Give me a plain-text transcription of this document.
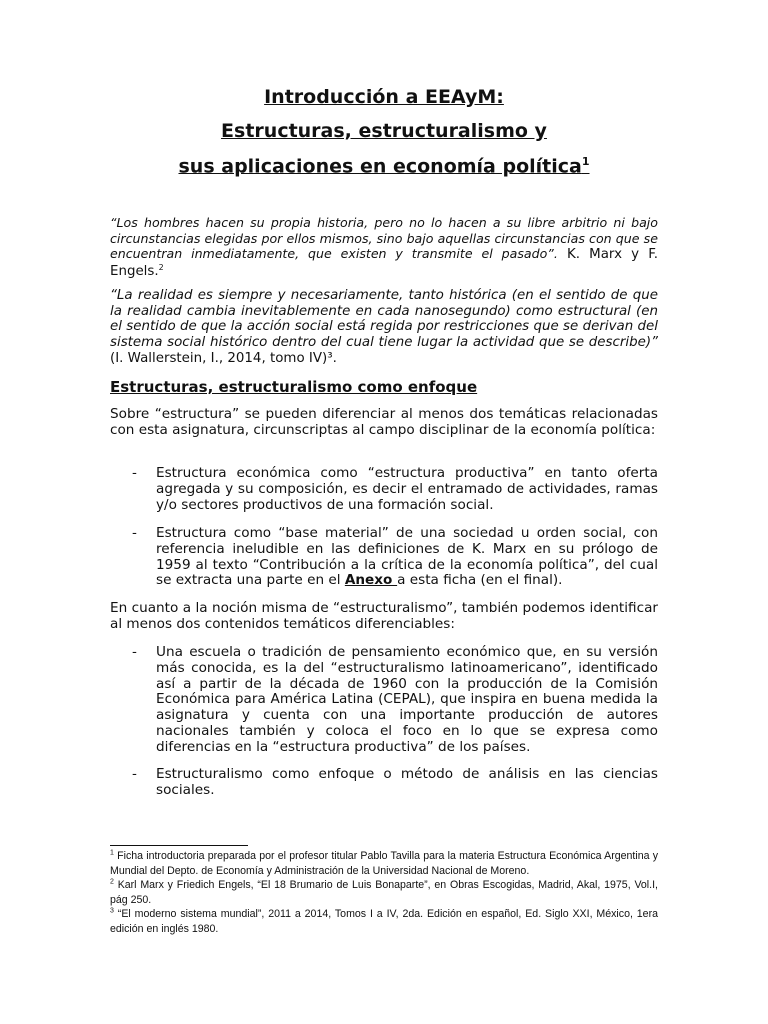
Introducción a EEAyM:
Estructuras, estructuralismo y
sus aplicaciones en economía política$^1$
“Los hombres hacen su propia historia, pero no lo hacen a su libre arbitrio ni bajo circunstancias elegidas por ellos mismos, sino bajo aquellas circunstancias con que se encuentran inmediatamente, que existen y transmite el pasado”. K. Marx y F. Engels.$^2$
“La realidad es siempre y necesariamente, tanto histórica (en el sentido de que la realidad cambia inevitablemente en cada nanosegundo) como estructural (en el sentido de que la acción social está regida por restricciones que se derivan del sistema social histórico dentro del cual tiene lugar la actividad que se describe)” (I. Wallerstein, I., 2014, tomo IV)³.
Estructuras, estructuralismo como enfoque
Sobre “estructura” se pueden diferenciar al menos dos temáticas relacionadas con esta asignatura, circunscriptas al campo disciplinar de la economía política:
- Estructura económica como “estructura productiva” en tanto oferta agregada y su composición, es decir el entramado de actividades, ramas y/o sectores productivos de una formación social.
- Estructura como “base material” de una sociedad u orden social, con referencia ineludible en las definiciones de K. Marx en su prólogo de 1959 al texto “Contribución a la crítica de la economía política”, del cual se extracta una parte en el Anexo a esta ficha (en el final).
En cuanto a la noción misma de “estructuralismo”, también podemos identificar al menos dos contenidos temáticos diferenciables:
- Una escuela o tradición de pensamiento económico que, en su versión más conocida, es la del “estructuralismo latinoamericano”, identificado así a partir de la década de 1960 con la producción de la Comisión Económica para América Latina (CEPAL), que inspira en buena medida la asignatura y cuenta con una importante producción de autores nacionales también y coloca el foco en lo que se expresa como diferencias en la “estructura productiva” de los países.
- Estructuralismo como enfoque o método de análisis en las ciencias sociales.
$^1$ Ficha introductoria preparada por el profesor titular Pablo Tavilla para la materia Estructura Económica Argentina y Mundial del Depto. de Economía y Administración de la Universidad Nacional de Moreno.
$^2$ Karl Marx y Friedich Engels, “El 18 Brumario de Luis Bonaparte”, en Obras Escogidas, Madrid, Akal, 1975, Vol.I, pág 250.
$^3$ “El moderno sistema mundial”, 2011 a 2014, Tomos I a IV, 2da. Edición en español, Ed. Siglo XXI, México, 1era edición en inglés 1980.
